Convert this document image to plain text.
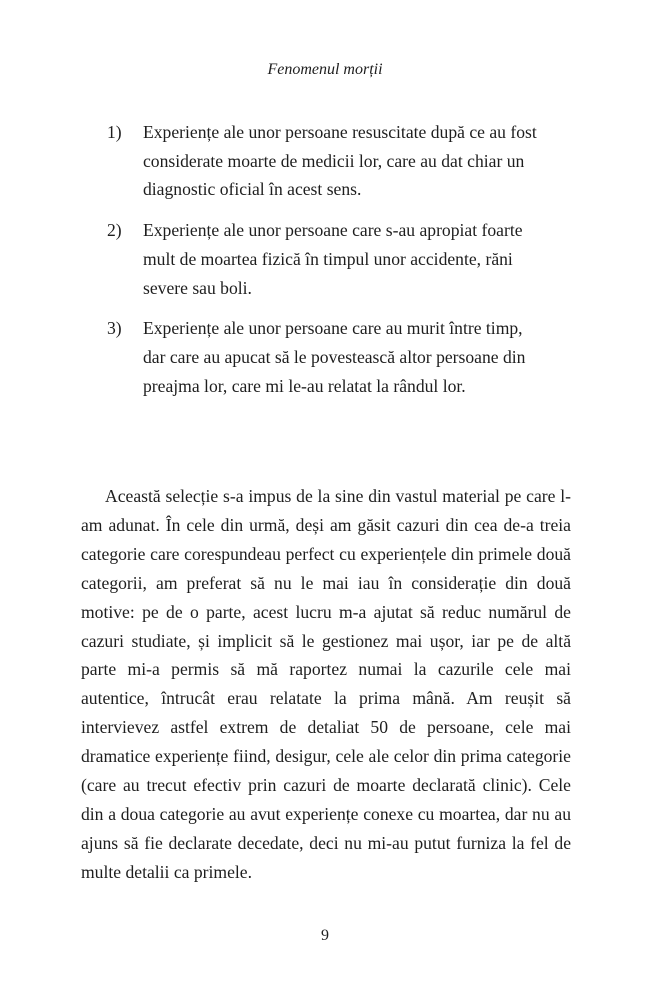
Fenomenul morții

1)	Experiențe ale unor persoane resuscitate după ce au fost considerate moarte de medicii lor, care au dat chiar un diagnostic oficial în acest sens.
2)	Experiențe ale unor persoane care s-au apropiat foarte mult de moartea fizică în timpul unor accidente, răni severe sau boli.
3)	Experiențe ale unor persoane care au murit între timp, dar care au apucat să le povestească altor persoane din preajma lor, care mi le-au relatat la rândul lor.

Această selecție s-a impus de la sine din vastul material pe care l-am adunat. În cele din urmă, deși am găsit cazuri din cea de-a treia categorie care corespundeau perfect cu experiențele din primele două categorii, am preferat să nu le mai iau în considerație din două motive: pe de o parte, acest lucru m-a ajutat să reduc numărul de cazuri studiate, și implicit să le gestionez mai ușor, iar pe de altă parte mi-a permis să mă raportez numai la cazurile cele mai autentice, întrucât erau relatate la prima mână. Am reușit să intervievez astfel extrem de detaliat 50 de persoane, cele mai dramatice experiențe fiind, desigur, cele ale celor din prima categorie (care au trecut efectiv prin cazuri de moarte declarată clinic). Cele din a doua categorie au avut experiențe conexe cu moartea, dar nu au ajuns să fie declarate decedate, deci nu mi-au putut furniza la fel de multe detalii ca primele.

9
